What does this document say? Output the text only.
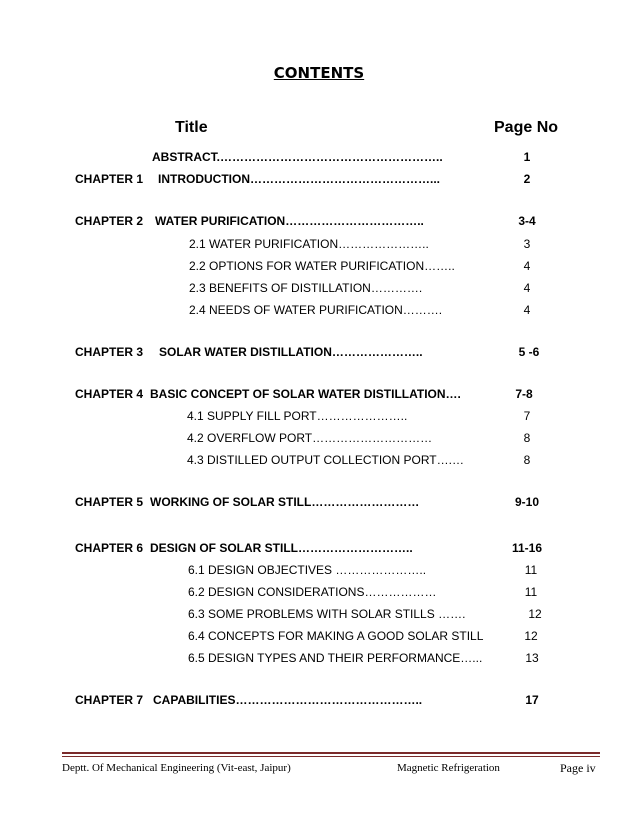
CONTENTS
Title	Page No
ABSTRACT.………………………………………………..	1
CHAPTER 1 INTRODUCTION………………………………………...	2
CHAPTER 2 WATER PURIFICATION……………………………..	3-4
2.1 WATER PURIFICATION…………………..	3
2.2 OPTIONS FOR WATER PURIFICATION……..	4
2.3 BENEFITS OF DISTILLATION………….	4
2.4 NEEDS OF WATER PURIFICATION……….	4
CHAPTER 3 SOLAR WATER DISTILLATION…………………..	5 -6
CHAPTER 4 BASIC CONCEPT OF SOLAR WATER DISTILLATION….	7-8
4.1 SUPPLY FILL PORT…………………..	7
4.2 OVERFLOW PORT…………………………	8
4.3 DISTILLED OUTPUT COLLECTION PORT….…	8
CHAPTER 5 WORKING OF SOLAR STILL………………………	9-10
CHAPTER 6 DESIGN OF SOLAR STILL………………………..	11-16
6.1 DESIGN OBJECTIVES …………………..	11
6.2 DESIGN CONSIDERATIONS………………	11
6.3 SOME PROBLEMS WITH SOLAR STILLS …….	12
6.4 CONCEPTS FOR MAKING A GOOD SOLAR STILL	12
6.5 DESIGN TYPES AND THEIR PERFORMANCE…...	13
CHAPTER 7 CAPABILITIES………………………………………..	17
Deptt. Of Mechanical Engineering (Vit-east, Jaipur)	Magnetic Refrigeration	Page iv
